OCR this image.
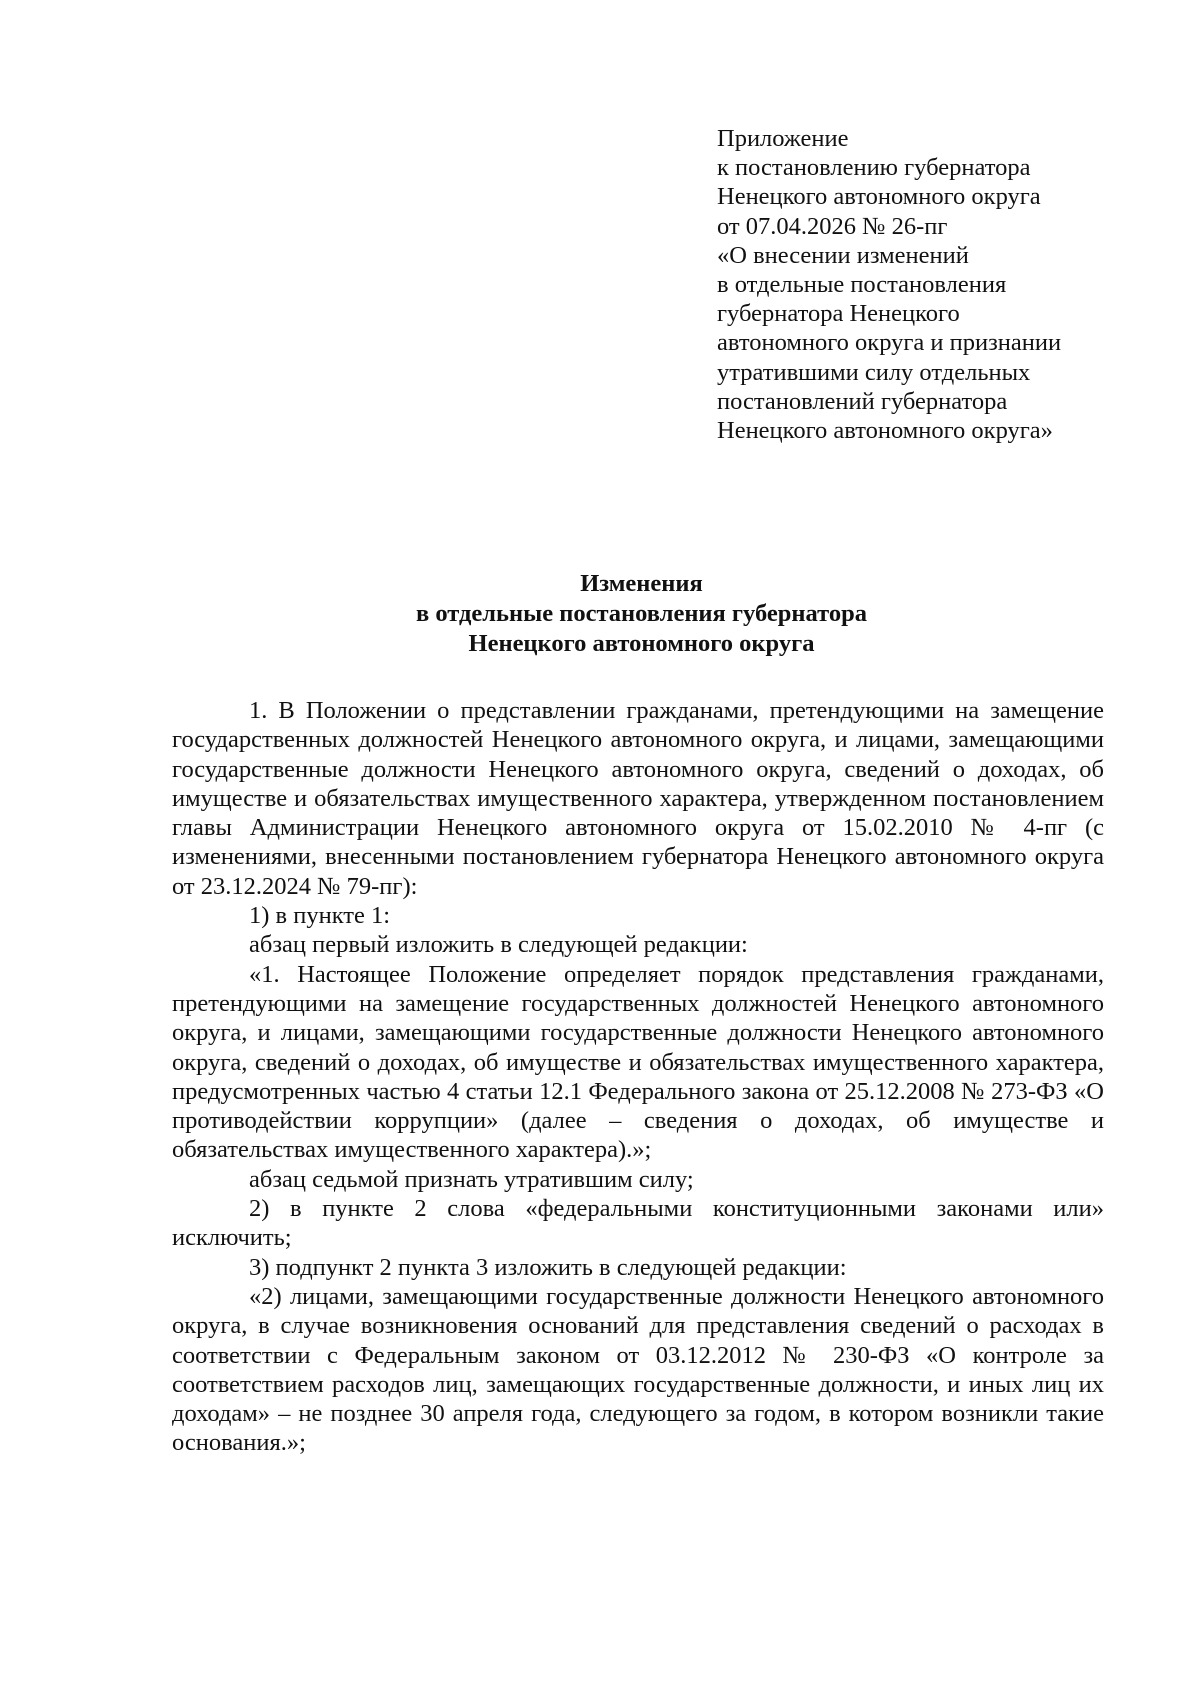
Приложение
к постановлению губернатора
Ненецкого автономного округа
от 07.04.2026 № 26-пг
«О внесении изменений
в отдельные постановления
губернатора Ненецкого
автономного округа и признании
утратившими силу отдельных
постановлений губернатора
Ненецкого автономного округа»
Изменения
в отдельные постановления губернатора
Ненецкого автономного округа

1. В Положении о представлении гражданами, претендующими на замещение государственных должностей Ненецкого автономного округа, и лицами, замещающими государственные должности Ненецкого автономного округа, сведений о доходах, об имуществе и обязательствах имущественного характера, утвержденном постановлением главы Администрации Ненецкого автономного округа от 15.02.2010 № 4-пг (с изменениями, внесенными постановлением губернатора Ненецкого автономного округа от 23.12.2024 № 79-пг):

1) в пункте 1:

абзац первый изложить в следующей редакции:

«1. Настоящее Положение определяет порядок представления гражданами, претендующими на замещение государственных должностей Ненецкого автономного округа, и лицами, замещающими государственные должности Ненецкого автономного округа, сведений о доходах, об имуществе и обязательствах имущественного характера, предусмотренных частью 4 статьи 12.1 Федерального закона от 25.12.2008 № 273-ФЗ «О противодействии коррупции» (далее – сведения о доходах, об имуществе и обязательствах имущественного характера).»;

абзац седьмой признать утратившим силу;

2) в пункте 2 слова «федеральными конституционными законами или» исключить;

3) подпункт 2 пункта 3 изложить в следующей редакции:

«2) лицами, замещающими государственные должности Ненецкого автономного округа, в случае возникновения оснований для представления сведений о расходах в соответствии с Федеральным законом от 03.12.2012 № 230-ФЗ «О контроле за соответствием расходов лиц, замещающих государственные должности, и иных лиц их доходам» – не позднее 30 апреля года, следующего за годом, в котором возникли такие основания.»;
